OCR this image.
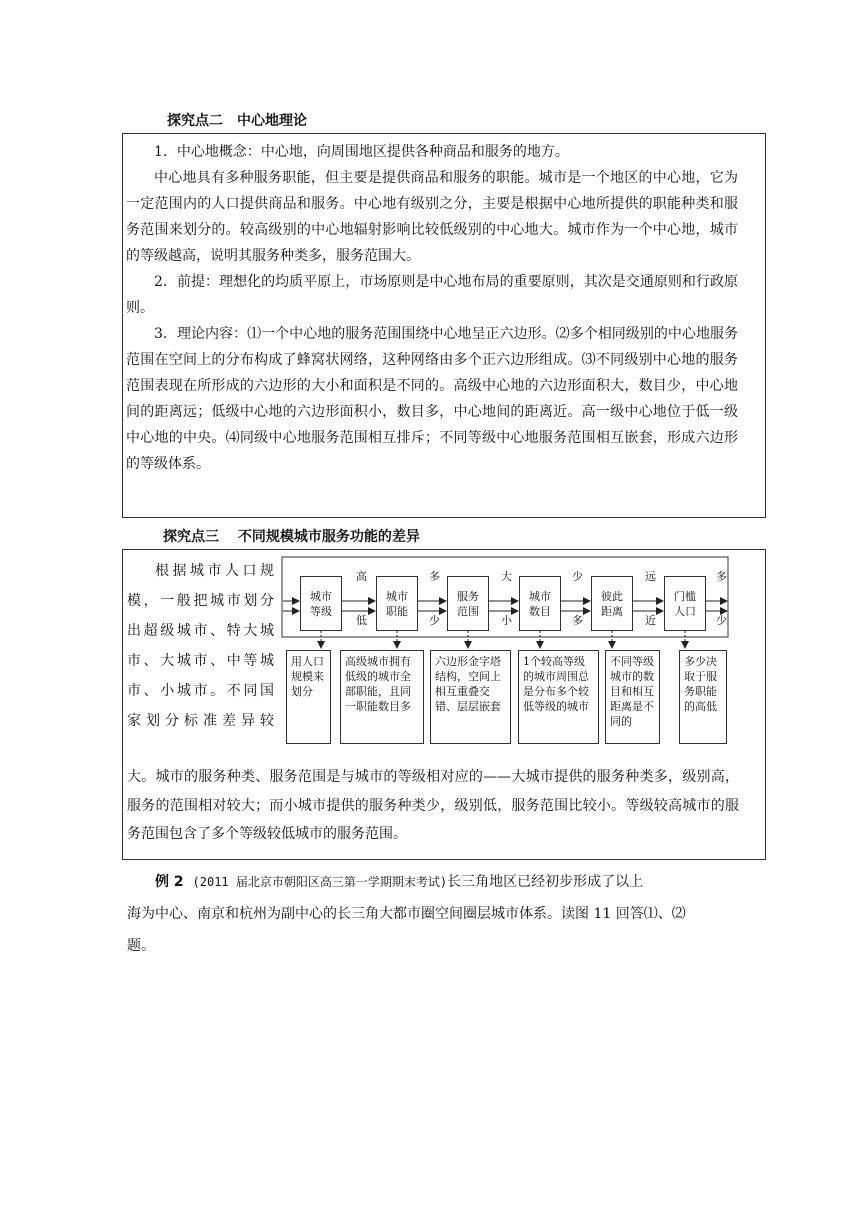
探究点二　中心地理论

1．中心地概念：中心地，向周围地区提供各种商品和服务的地方。

中心地具有多种服务职能，但主要是提供商品和服务的职能。城市是一个地区的中心地，它为一定范围内的人口提供商品和服务。中心地有级别之分，主要是根据中心地所提供的职能种类和服务范围来划分的。较高级别的中心地辐射影响比较低级别的中心地大。城市作为一个中心地，城市的等级越高，说明其服务种类多，服务范围大。

2．前提：理想化的均质平原上，市场原则是中心地布局的重要原则，其次是交通原则和行政原则。

3．理论内容：⑴一个中心地的服务范围围绕中心地呈正六边形。⑵多个相同级别的中心地服务范围在空间上的分布构成了蜂窝状网络，这种网络由多个正六边形组成。⑶不同级别中心地的服务范围表现在所形成的六边形的大小和面积是不同的。高级中心地的六边形面积大，数目少，中心地间的距离远；低级中心地的六边形面积小，数目多，中心地间的距离近。高一级中心地位于低一级中心地的中央。⑷同级中心地服务范围相互排斥；不同等级中心地服务范围相互嵌套，形成六边形的等级体系。

探究点三　 不同规模城市服务功能的差异

根据城市人口规

模，一般把城市划分

出超级城市、特大城

市、大城市、中等城

市、小城市。不同国

家划分标准差异较

城市等级
城市职能
服务范围
城市数目
彼此距离
门槛人口
高	多	大	少	远	多
低	少	小	多	近	少
用人口规模来划分
高级城市拥有低级的城市全部职能，且同一职能数目多
六边形金字塔结构，空间上相互重叠交错、层层嵌套
1个较高等级的城市周围总是分布多个较低等级的城市
不同等级城市的数目和相互距离是不同的
多少决取于服务职能的高低

大。城市的服务种类、服务范围是与城市的等级相对应的——大城市提供的服务种类多，级别高，服务的范围相对较大；而小城市提供的服务种类少，级别低，服务范围比较小。等级较高城市的服务范围包含了多个等级较低城市的服务范围。

例 2 (2011 届北京市朝阳区高三第一学期期末考试)长三角地区已经初步形成了以上

海为中心、南京和杭州为副中心的长三角大都市圈空间圈层城市体系。读图 11 回答⑴、⑵

题。
